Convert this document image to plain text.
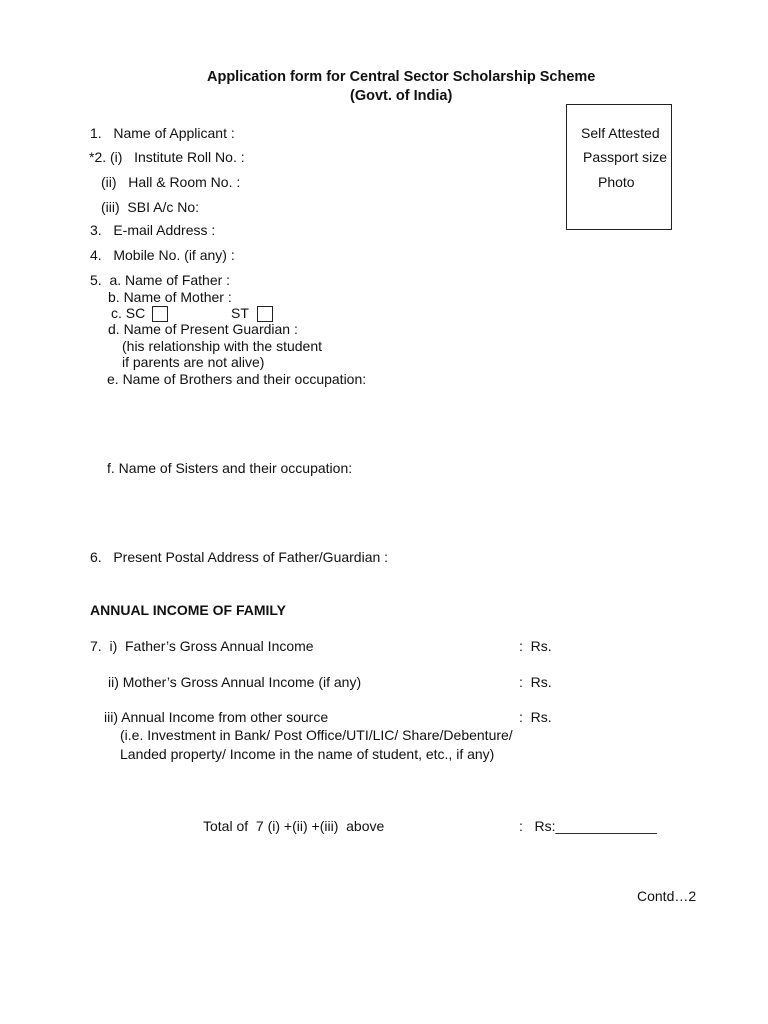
Application form for Central Sector Scholarship Scheme
(Govt. of India)
Self Attested
Passport size
Photo
1.   Name of Applicant :
*2. (i)   Institute Roll No. :
(ii)   Hall & Room No. :
(iii)  SBI A/c No:
3.   E-mail Address :
4.   Mobile No. (if any) :
5.  a. Name of Father :
b. Name of Mother :
c. SC	ST
d. Name of Present Guardian :
(his relationship with the student
if parents are not alive)
e. Name of Brothers and their occupation:
f. Name of Sisters and their occupation:
6.   Present Postal Address of Father/Guardian :
ANNUAL INCOME OF FAMILY
7.  i)  Father’s Gross Annual Income	:  Rs.
ii) Mother’s Gross Annual Income (if any)	:  Rs.
iii) Annual Income from other source	:  Rs.
(i.e. Investment in Bank/ Post Office/UTI/LIC/ Share/Debenture/
Landed property/ Income in the name of student, etc., if any)
Total of  7 (i) +(ii) +(iii)  above	:   Rs:_____________
Contd…2
